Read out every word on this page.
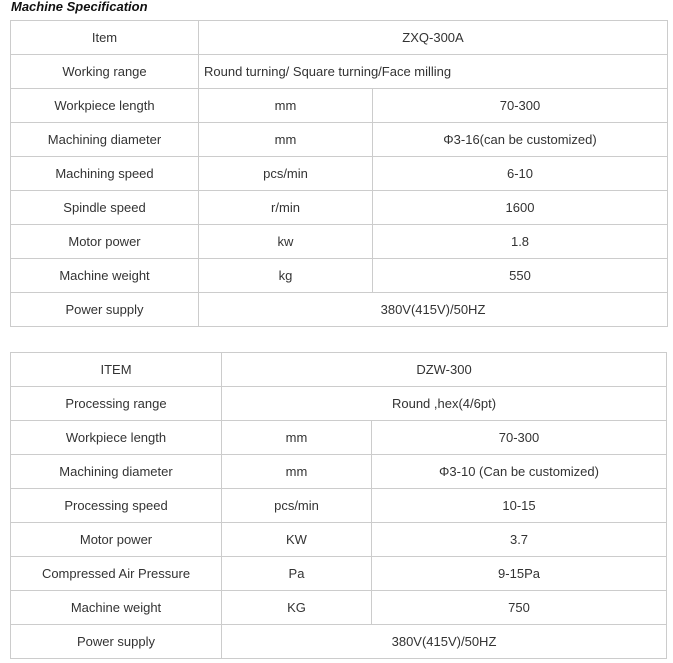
Machine Specification
Item	ZXQ-300A	
Working range	Round turning/ Square turning/Face milling	
Workpiece length	mm	70-300
Machining diameter	mm	Φ3-16(can be customized)
Machining speed	pcs/min	6-10
Spindle speed	r/min	1600
Motor power	kw	1.8
Machine weight	kg	550
Power supply	380V(415V)/50HZ	
ITEM	DZW-300	
Processing range	Round ,hex(4/6pt)	
Workpiece length	mm	70-300
Machining diameter	mm	Φ3-10 (Can be customized)
Processing speed	pcs/min	10-15
Motor power	KW	3.7
Compressed Air Pressure	Pa	9-15Pa
Machine weight	KG	750
Power supply	380V(415V)/50HZ	
